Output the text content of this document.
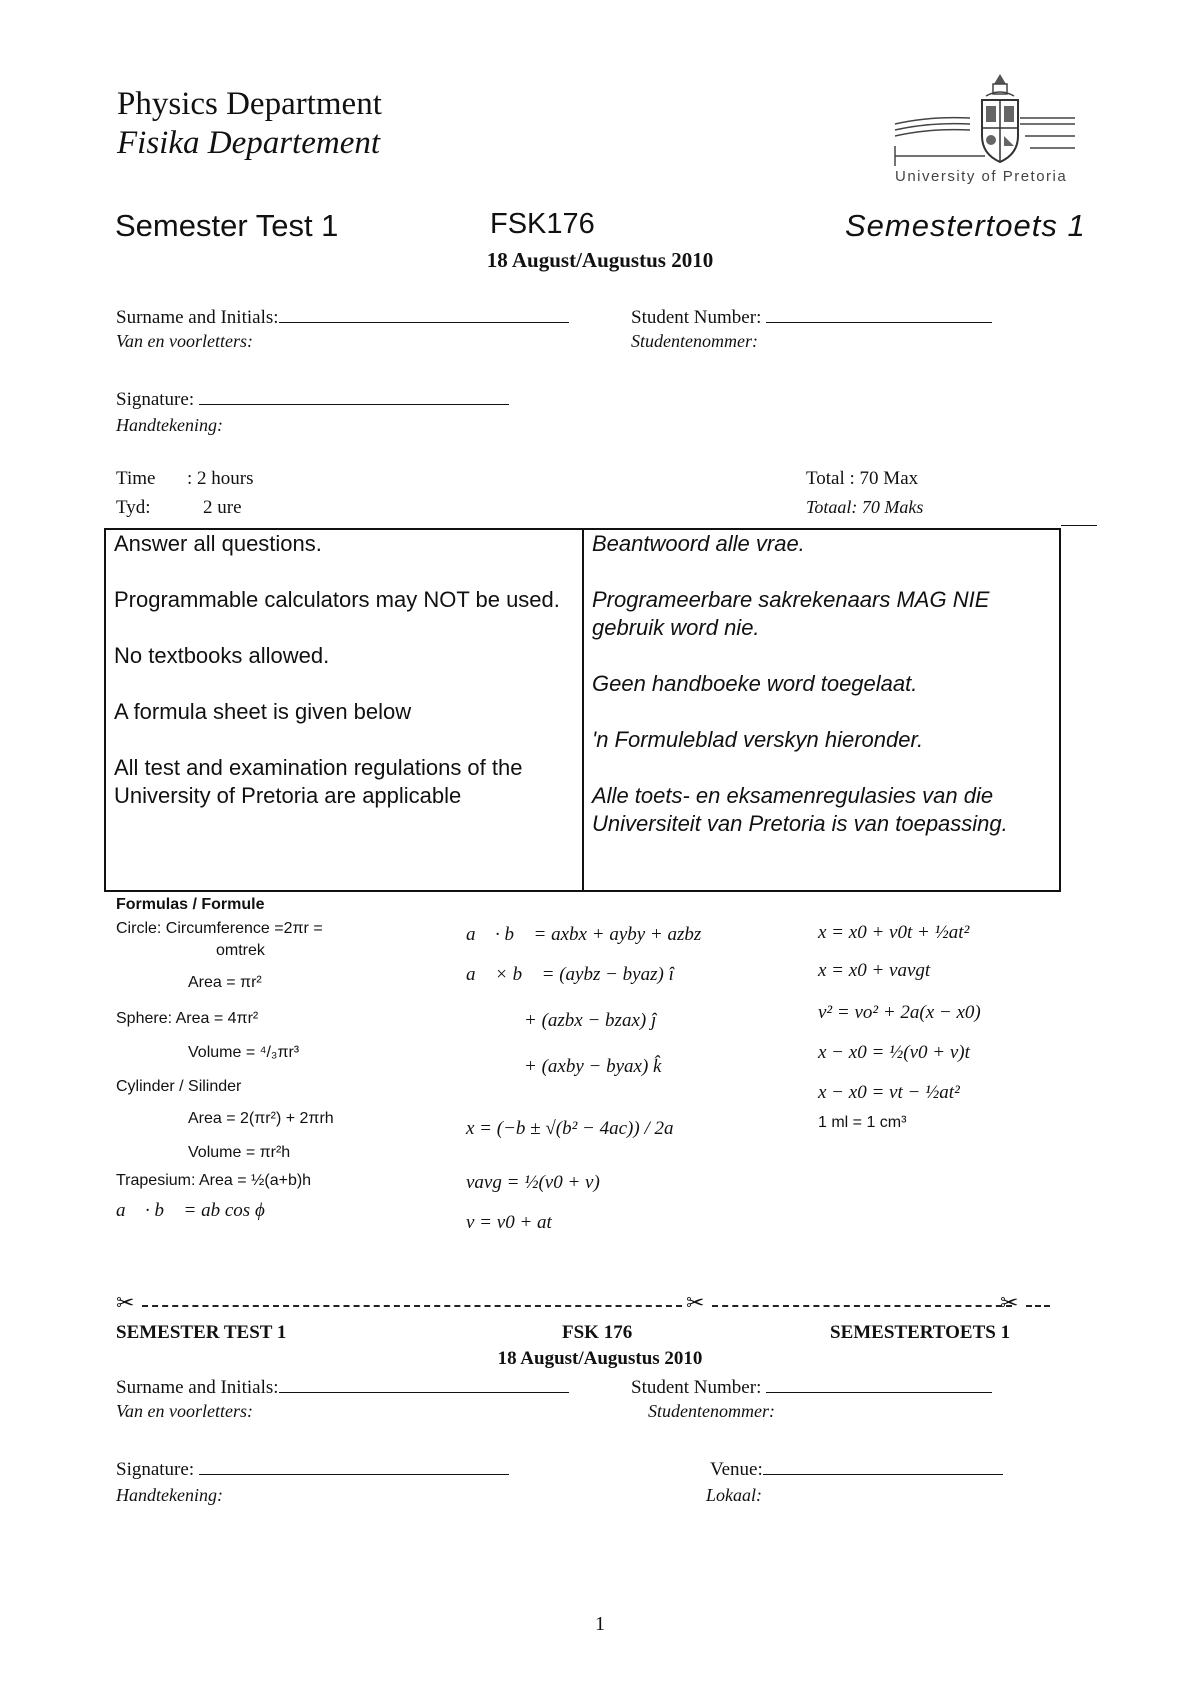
Physics Department
Fisika Departement
University of Pretoria
Semester Test 1	FSK176	Semestertoets 1
18 August/Augustus 2010
Surname and Initials:
Van en voorletters:
Student Number:
Studentenommer:
Signature:
Handtekening:
Time : 2 hours
Tyd:	2 ure
Total : 70 Max
Totaal: 70 Maks

Answer all questions.

Programmable calculators may NOT be used.

No textbooks allowed.

A formula sheet is given below

All test and examination regulations of the University of Pretoria are applicable

Beantwoord alle vrae.

Programeerbare sakrekenaars MAG NIE gebruik word nie.

Geen handboeke word toegelaat.

'n Formuleblad verskyn hieronder.

Alle toets- en eksamenregulasies van die Universiteit van Pretoria is van toepassing.

Formulas / Formule
Circle: Circumference =2πr =
omtrek
Area = πr²
Sphere: Area = 4πr²
Volume = ⁴/₃πr³
Cylinder / Silinder
Area = 2(πr²) + 2πrh
Volume = πr²h
Trapesium: Area = ½(a+b)h
a⃗ · b⃗ = ab cos ϕ
a⃗ · b⃗ = axbx + ayby + azbz
a⃗ × b⃗ = (aybz − byaz) î
+ (azbx − bzax) ĵ
+ (axby − byax) k̂
x = (−b ± √(b² − 4ac)) / 2a
vavg = ½(v0 + v)
v = v0 + at
x = x0 + v0t + ½at²
x = x0 + vavgt
v² = vo² + 2a(x − x0)
x − x0 = ½(v0 + v)t
x − x0 = vt − ½at²
1 ml = 1 cm³
✂	✂	✂
SEMESTER TEST 1	FSK 176	SEMESTERTOETS 1
18 August/Augustus 2010
Surname and Initials:
Van en voorletters:
Student Number:
Studentenommer:
Signature:
Handtekening:
Venue:
Lokaal:
1
